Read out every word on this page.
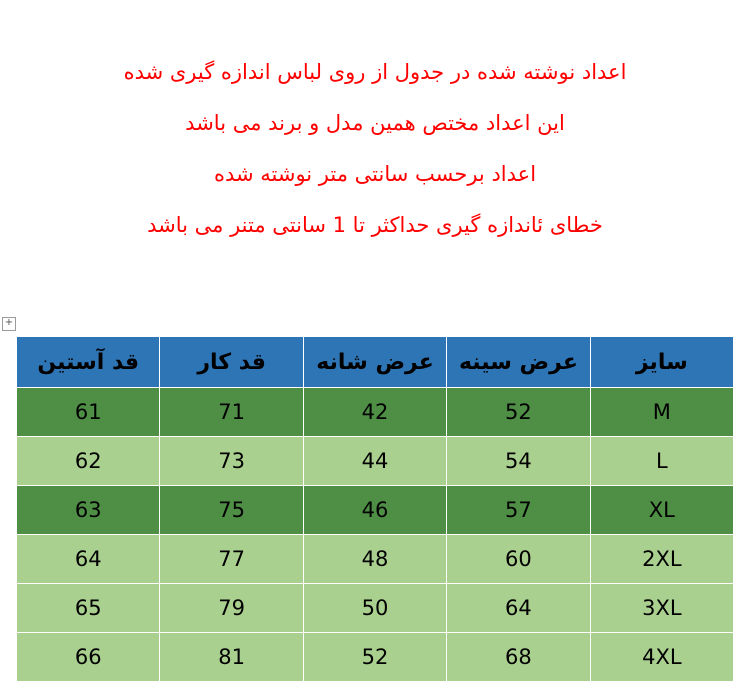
اعداد نوشته شده در جدول از روی لباس اندازه گیری شده

این اعداد مختص همین مدل و برند می باشد

اعداد برحسب سانتی متر نوشته شده

خطای ئاندازه گیری حداکثر تا 1 سانتی متنر می باشد

+
سایز	عرض سینه	عرض شانه	قد کار	قد آستین
M	52	42	71	61
L	54	44	73	62
XL	57	46	75	63
2XL	60	48	77	64
3XL	64	50	79	65
4XL	68	52	81	66
